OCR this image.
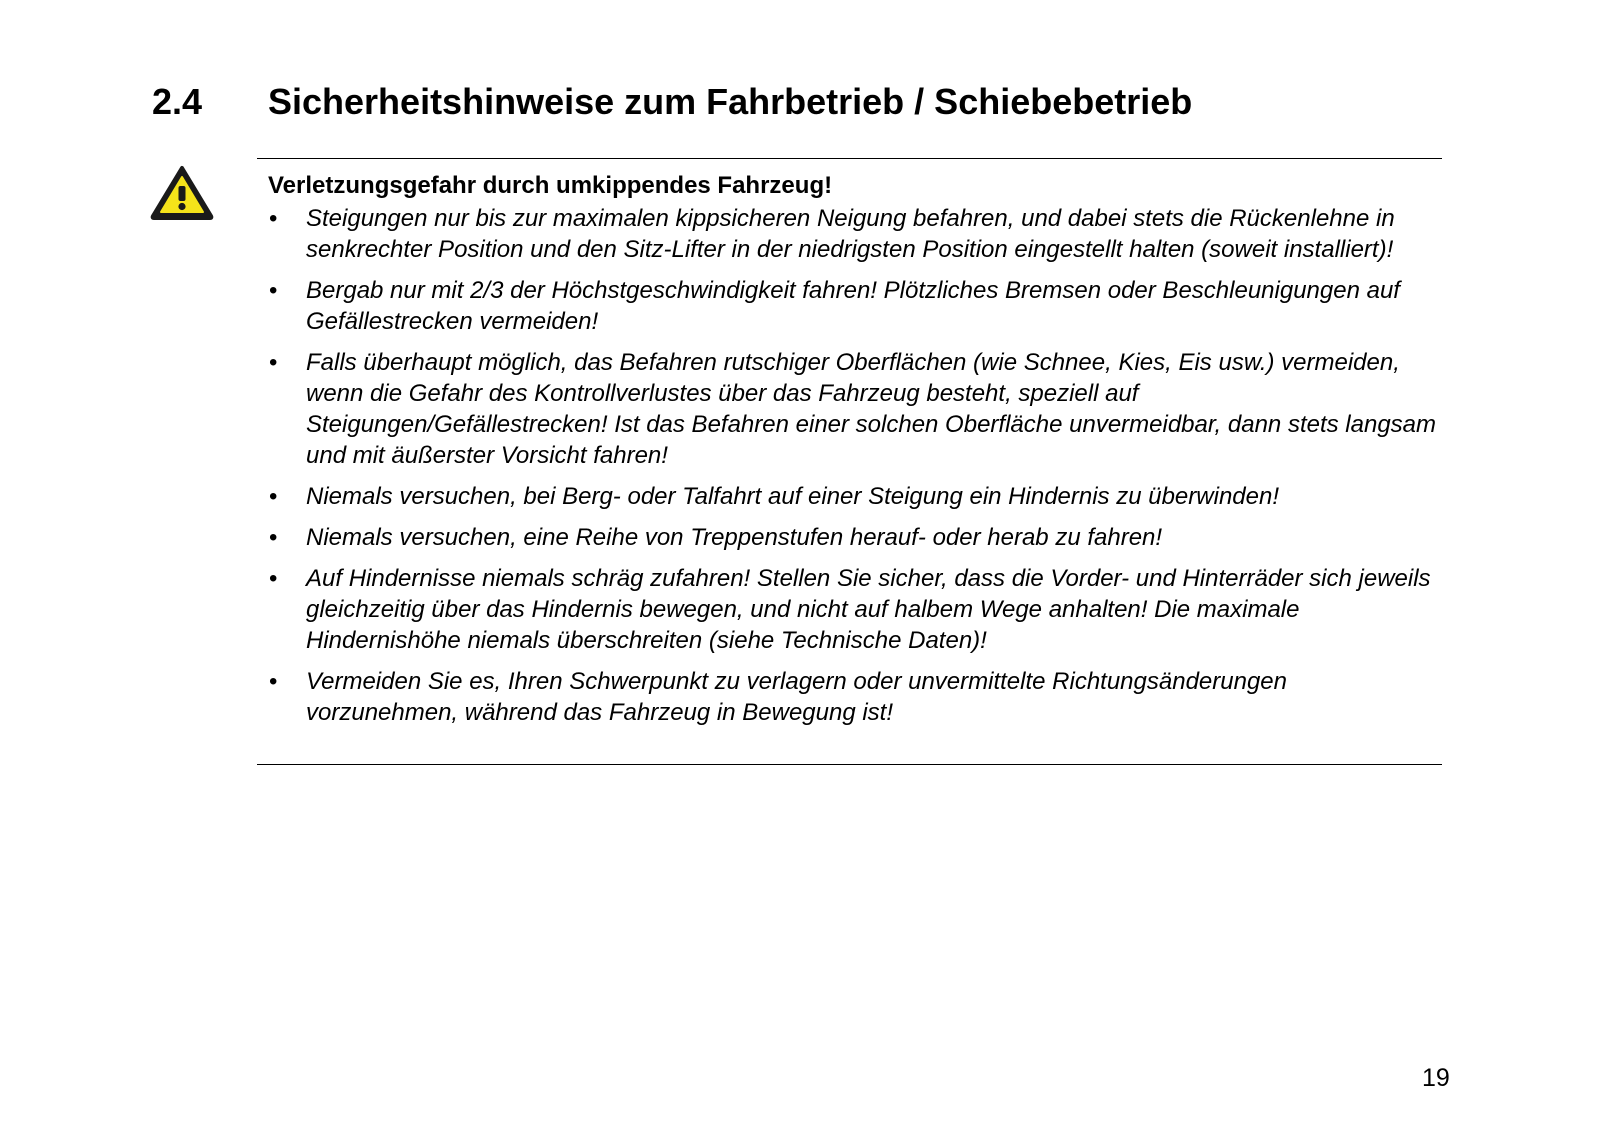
2.4 Sicherheitshinweise zum Fahrbetrieb / Schiebebetrieb

Verletzungsgefahr durch umkippendes Fahrzeug!

• Steigungen nur bis zur maximalen kippsicheren Neigung befahren, und dabei stets die Rückenlehne in senkrechter Position und den Sitz-Lifter in der niedrigsten Position eingestellt halten (soweit installiert)!
• Bergab nur mit 2/3 der Höchstgeschwindigkeit fahren! Plötzliches Bremsen oder Beschleunigungen auf Gefällestrecken vermeiden!
• Falls überhaupt möglich, das Befahren rutschiger Oberflächen (wie Schnee, Kies, Eis usw.) vermeiden, wenn die Gefahr des Kontrollverlustes über das Fahrzeug besteht, speziell auf Steigungen/Gefällestrecken! Ist das Befahren einer solchen Oberfläche unvermeidbar, dann stets langsam und mit äußerster Vorsicht fahren!
• Niemals versuchen, bei Berg- oder Talfahrt auf einer Steigung ein Hindernis zu überwinden!
• Niemals versuchen, eine Reihe von Treppenstufen herauf- oder herab zu fahren!
• Auf Hindernisse niemals schräg zufahren! Stellen Sie sicher, dass die Vorder- und Hinterräder sich jeweils gleichzeitig über das Hindernis bewegen, und nicht auf halbem Wege anhalten! Die maximale Hindernishöhe niemals überschreiten (siehe Technische Daten)!
• Vermeiden Sie es, Ihren Schwerpunkt zu verlagern oder unvermittelte Richtungsänderungen vorzunehmen, während das Fahrzeug in Bewegung ist!

19
